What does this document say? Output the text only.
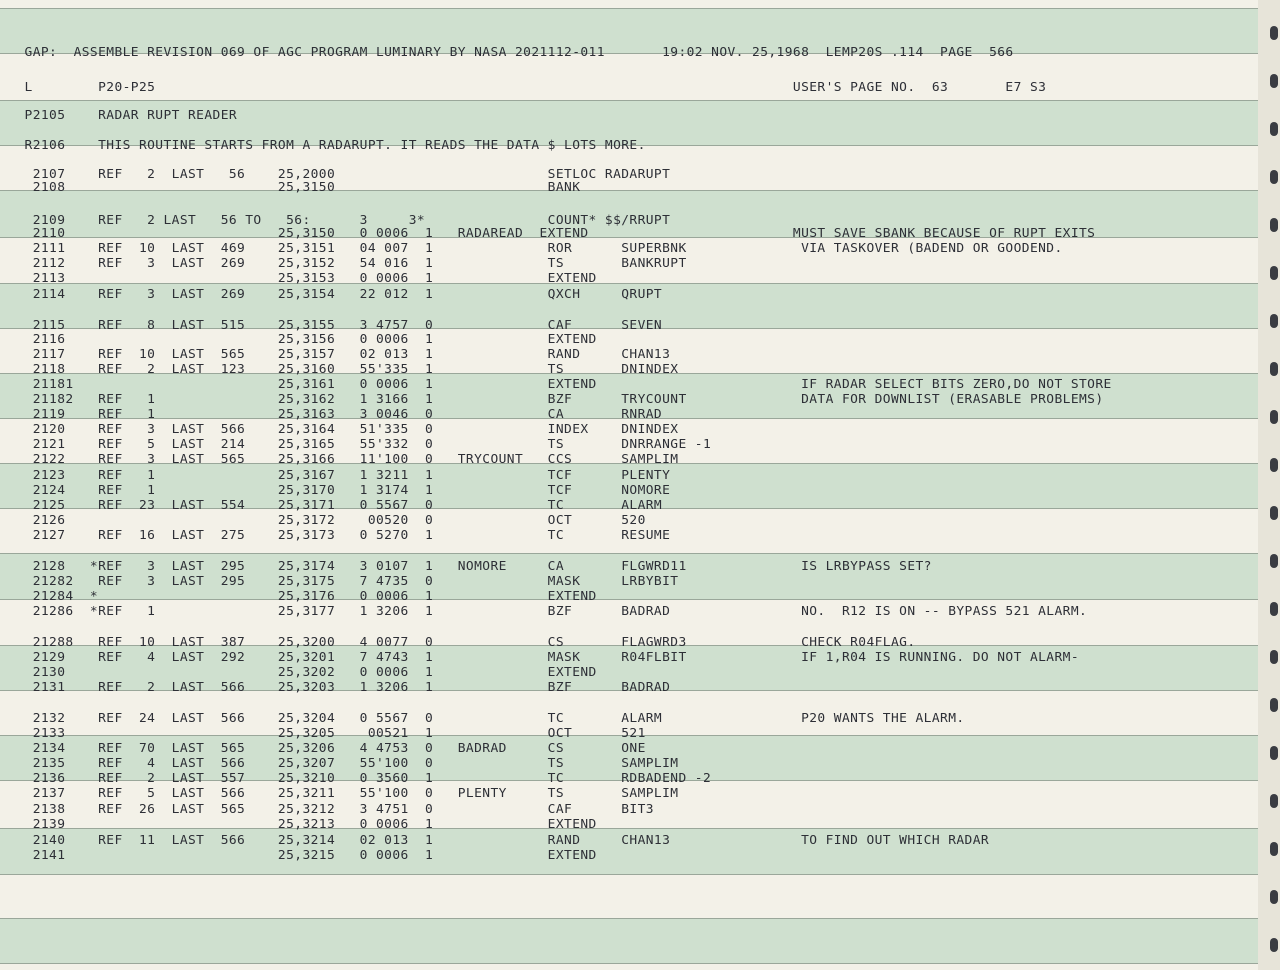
GAP:  ASSEMBLE REVISION 069 OF AGC PROGRAM LUMINARY BY NASA 2021112-011       19:02 NOV. 25,1968  LEMP20S .114  PAGE  566
L        P20-P25                                                                              USER'S PAGE NO.  63       E7 S3
P2105    RADAR RUPT READER
R2106    THIS ROUTINE STARTS FROM A RADARUPT. IT READS THE DATA $ LOTS MORE.
2107    REF   2  LAST   56    25,2000                          SETLOC RADARUPT
2108                          25,3150                          BANK
2109    REF   2 LAST   56 TO   56:      3     3*               COUNT* $$/RRUPT
2110                          25,3150   0 0006  1   RADAREAD  EXTEND                         MUST SAVE SBANK BECAUSE OF RUPT EXITS
2111    REF  10  LAST  469    25,3151   04 007  1              ROR      SUPERBNK              VIA TASKOVER (BADEND OR GOODEND.
2112    REF   3  LAST  269    25,3152   54 016  1              TS       BANKRUPT
2113                          25,3153   0 0006  1              EXTEND
2114    REF   3  LAST  269    25,3154   22 012  1              QXCH     QRUPT
2115    REF   8  LAST  515    25,3155   3 4757  0              CAF      SEVEN
2116                          25,3156   0 0006  1              EXTEND
2117    REF  10  LAST  565    25,3157   02 013  1              RAND     CHAN13
2118    REF   2  LAST  123    25,3160   55'335  1              TS       DNINDEX
21181                         25,3161   0 0006  1              EXTEND                         IF RADAR SELECT BITS ZERO,DO NOT STORE
21182   REF   1               25,3162   1 3166  1              BZF      TRYCOUNT              DATA FOR DOWNLIST (ERASABLE PROBLEMS)
2119    REF   1               25,3163   3 0046  0              CA       RNRAD
2120    REF   3  LAST  566    25,3164   51'335  0              INDEX    DNINDEX
2121    REF   5  LAST  214    25,3165   55'332  0              TS       DNRRANGE -1
2122    REF   3  LAST  565    25,3166   11'100  0   TRYCOUNT   CCS      SAMPLIM
2123    REF   1               25,3167   1 3211  1              TCF      PLENTY
2124    REF   1               25,3170   1 3174  1              TCF      NOMORE
2125    REF  23  LAST  554    25,3171   0 5567  0              TC       ALARM
2126                          25,3172    00520  0              OCT      520
2127    REF  16  LAST  275    25,3173   0 5270  1              TC       RESUME
2128   *REF   3  LAST  295    25,3174   3 0107  1   NOMORE     CA       FLGWRD11              IS LRBYPASS SET?
21282   REF   3  LAST  295    25,3175   7 4735  0              MASK     LRBYBIT
21284  *                      25,3176   0 0006  1              EXTEND
21286  *REF   1               25,3177   1 3206  1              BZF      BADRAD                NO.  R12 IS ON -- BYPASS 521 ALARM.
21288   REF  10  LAST  387    25,3200   4 0077  0              CS       FLAGWRD3              CHECK R04FLAG.
2129    REF   4  LAST  292    25,3201   7 4743  1              MASK     R04FLBIT              IF 1,R04 IS RUNNING. DO NOT ALARM-
2130                          25,3202   0 0006  1              EXTEND
2131    REF   2  LAST  566    25,3203   1 3206  1              BZF      BADRAD
2132    REF  24  LAST  566    25,3204   0 5567  0              TC       ALARM                 P20 WANTS THE ALARM.
2133                          25,3205    00521  1              OCT      521
2134    REF  70  LAST  565    25,3206   4 4753  0   BADRAD     CS       ONE
2135    REF   4  LAST  566    25,3207   55'100  0              TS       SAMPLIM
2136    REF   2  LAST  557    25,3210   0 3560  1              TC       RDBADEND -2
2137    REF   5  LAST  566    25,3211   55'100  0   PLENTY     TS       SAMPLIM
2138    REF  26  LAST  565    25,3212   3 4751  0              CAF      BIT3
2139                          25,3213   0 0006  1              EXTEND
2140    REF  11  LAST  566    25,3214   02 013  1              RAND     CHAN13                TO FIND OUT WHICH RADAR
2141                          25,3215   0 0006  1              EXTEND
